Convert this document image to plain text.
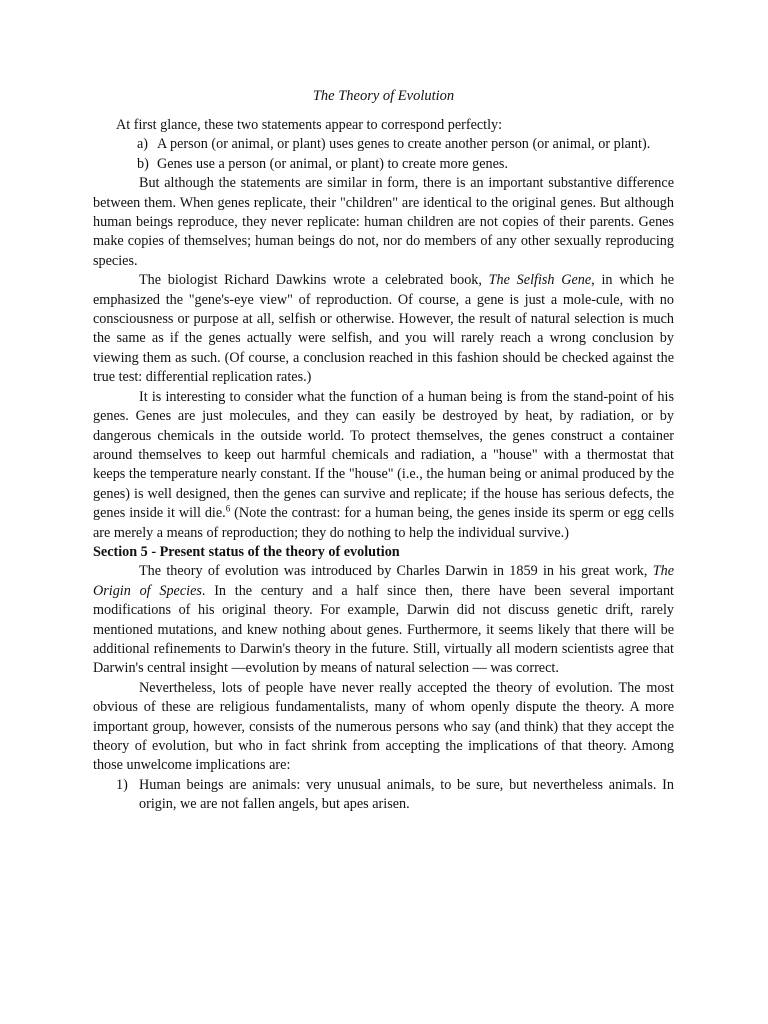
The Theory of Evolution

At first glance, these two statements appear to correspond perfectly:

a) A person (or animal, or plant) uses genes to create another person (or animal, or plant).
b) Genes use a person (or animal, or plant) to create more genes.

But although the statements are similar in form, there is an important substantive difference between them. When genes replicate, their "children" are identical to the original genes. But although human beings reproduce, they never replicate: human children are not copies of their parents. Genes make copies of themselves; human beings do not, nor do members of any other sexually reproducing species.

The biologist Richard Dawkins wrote a celebrated book, The Selfish Gene, in which he emphasized the "gene's-eye view" of reproduction. Of course, a gene is just a mole-cule, with no consciousness or purpose at all, selfish or otherwise. However, the result of natural selection is much the same as if the genes actually were selfish, and you will rarely reach a wrong conclusion by viewing them as such. (Of course, a conclusion reached in this fashion should be checked against the true test: differential replication rates.)

It is interesting to consider what the function of a human being is from the stand-point of his genes. Genes are just molecules, and they can easily be destroyed by heat, by radiation, or by dangerous chemicals in the outside world. To protect themselves, the genes construct a container around themselves to keep out harmful chemicals and radiation, a "house" with a thermostat that keeps the temperature nearly constant. If the "house" (i.e., the human being or animal produced by the genes) is well designed, then the genes can survive and replicate; if the house has serious defects, the genes inside it will die.$^6$ (Note the contrast: for a human being, the genes inside its sperm or egg cells are merely a means of reproduction; they do nothing to help the individual survive.)

Section 5 - Present status of the theory of evolution

The theory of evolution was introduced by Charles Darwin in 1859 in his great work, The Origin of Species. In the century and a half since then, there have been several important modifications of his original theory. For example, Darwin did not discuss genetic drift, rarely mentioned mutations, and knew nothing about genes. Furthermore, it seems likely that there will be additional refinements to Darwin's theory in the future. Still, virtually all modern scientists agree that Darwin's central insight —evolution by means of natural selection — was correct.

Nevertheless, lots of people have never really accepted the theory of evolution. The most obvious of these are religious fundamentalists, many of whom openly dispute the theory. A more important group, however, consists of the numerous persons who say (and think) that they accept the theory of evolution, but who in fact shrink from accepting the implications of that theory. Among those unwelcome implications are:

1) Human beings are animals: very unusual animals, to be sure, but nevertheless animals. In origin, we are not fallen angels, but apes arisen.
